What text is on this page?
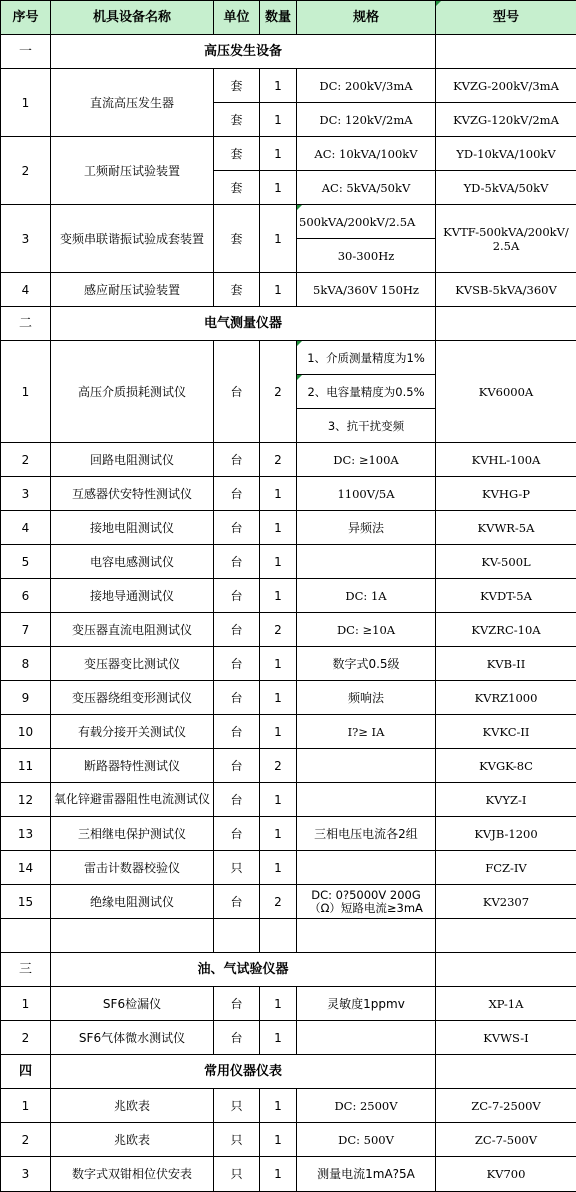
序号	机具设备名称	单位	数量	规格	型号
一	高压发生设备				
1	直流高压发生器	套	1	DC: 200kV/3mA	KVZG-200kV/3mA
		套	1	DC: 120kV/2mA	KVZG-120kV/2mA
2	工频耐压试验装置	套	1	AC: 10kVA/100kV	YD-10kVA/100kV
		套	1	AC: 5kVA/50kV	YD-5kVA/50kV
3	变频串联谐振试验成套装置	套	1	500kVA/200kV/2.5A	KVTF-500kVA/200kV/2.5A
				30-300Hz	
4	感应耐压试验装置	套	1	5kVA/360V 150Hz	KVSB-5kVA/360V
二	电气测量仪器				
1	高压介质损耗测试仪	台	2	1、介质测量精度为1%	KV6000A
				2、电容量精度为0.5%	
				3、抗干扰变频	
2	回路电阻测试仪	台	2	DC: ≥100A	KVHL-100A
3	互感器伏安特性测试仪	台	1	1100V/5A	KVHG-P
4	接地电阻测试仪	台	1	异频法	KVWR-5A
5	电容电感测试仪	台	1		KV-500L
6	接地导通测试仪	台	1	DC: 1A	KVDT-5A
7	变压器直流电阻测试仪	台	2	DC: ≥10A	KVZRC-10A
8	变压器变比测试仪	台	1	数字式0.5级	KVB-II
9	变压器绕组变形测试仪	台	1	频响法	KVRZ1000
10	有载分接开关测试仪	台	1	I?≥ IA	KVKC-II
11	断路器特性测试仪	台	2		KVGK-8C
12	氧化锌避雷器阻性电流测试仪	台	1		KVYZ-I
13	三相继电保护测试仪	台	1	三相电压电流各2组	KVJB-1200
14	雷击计数器校验仪	只	1		FCZ-IV
15	绝缘电阻测试仪	台	2	DC: 0?5000V 200G（Ω）短路电流≥3mA	KV2307

三	油、气试验仪器				
1	SF6检漏仪	台	1	灵敏度1ppmv	XP-1A
2	SF6气体微水测试仪	台	1		KVWS-I
四	常用仪器仪表				
1	兆欧表	只	1	DC: 2500V	ZC-7-2500V
2	兆欧表	只	1	DC: 500V	ZC-7-500V
3	数字式双钳相位伏安表	只	1	测量电流1mA?5A	KV700
